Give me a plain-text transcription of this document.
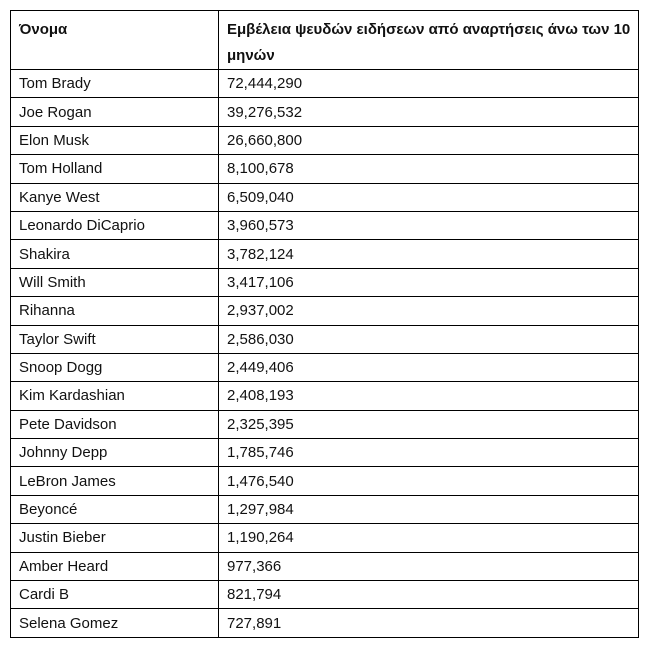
Όνομα	Εμβέλεια ψευδών ειδήσεων από αναρτήσεις άνω των 10 μηνών
Tom Brady	72,444,290
Joe Rogan	39,276,532
Elon Musk	26,660,800
Tom Holland	8,100,678
Kanye West	6,509,040
Leonardo DiCaprio	3,960,573
Shakira	3,782,124
Will Smith	3,417,106
Rihanna	2,937,002
Taylor Swift	2,586,030
Snoop Dogg	2,449,406
Kim Kardashian	2,408,193
Pete Davidson	2,325,395
Johnny Depp	1,785,746
LeBron James	1,476,540
Beyoncé	1,297,984
Justin Bieber	1,190,264
Amber Heard	977,366
Cardi B	821,794
Selena Gomez	727,891
